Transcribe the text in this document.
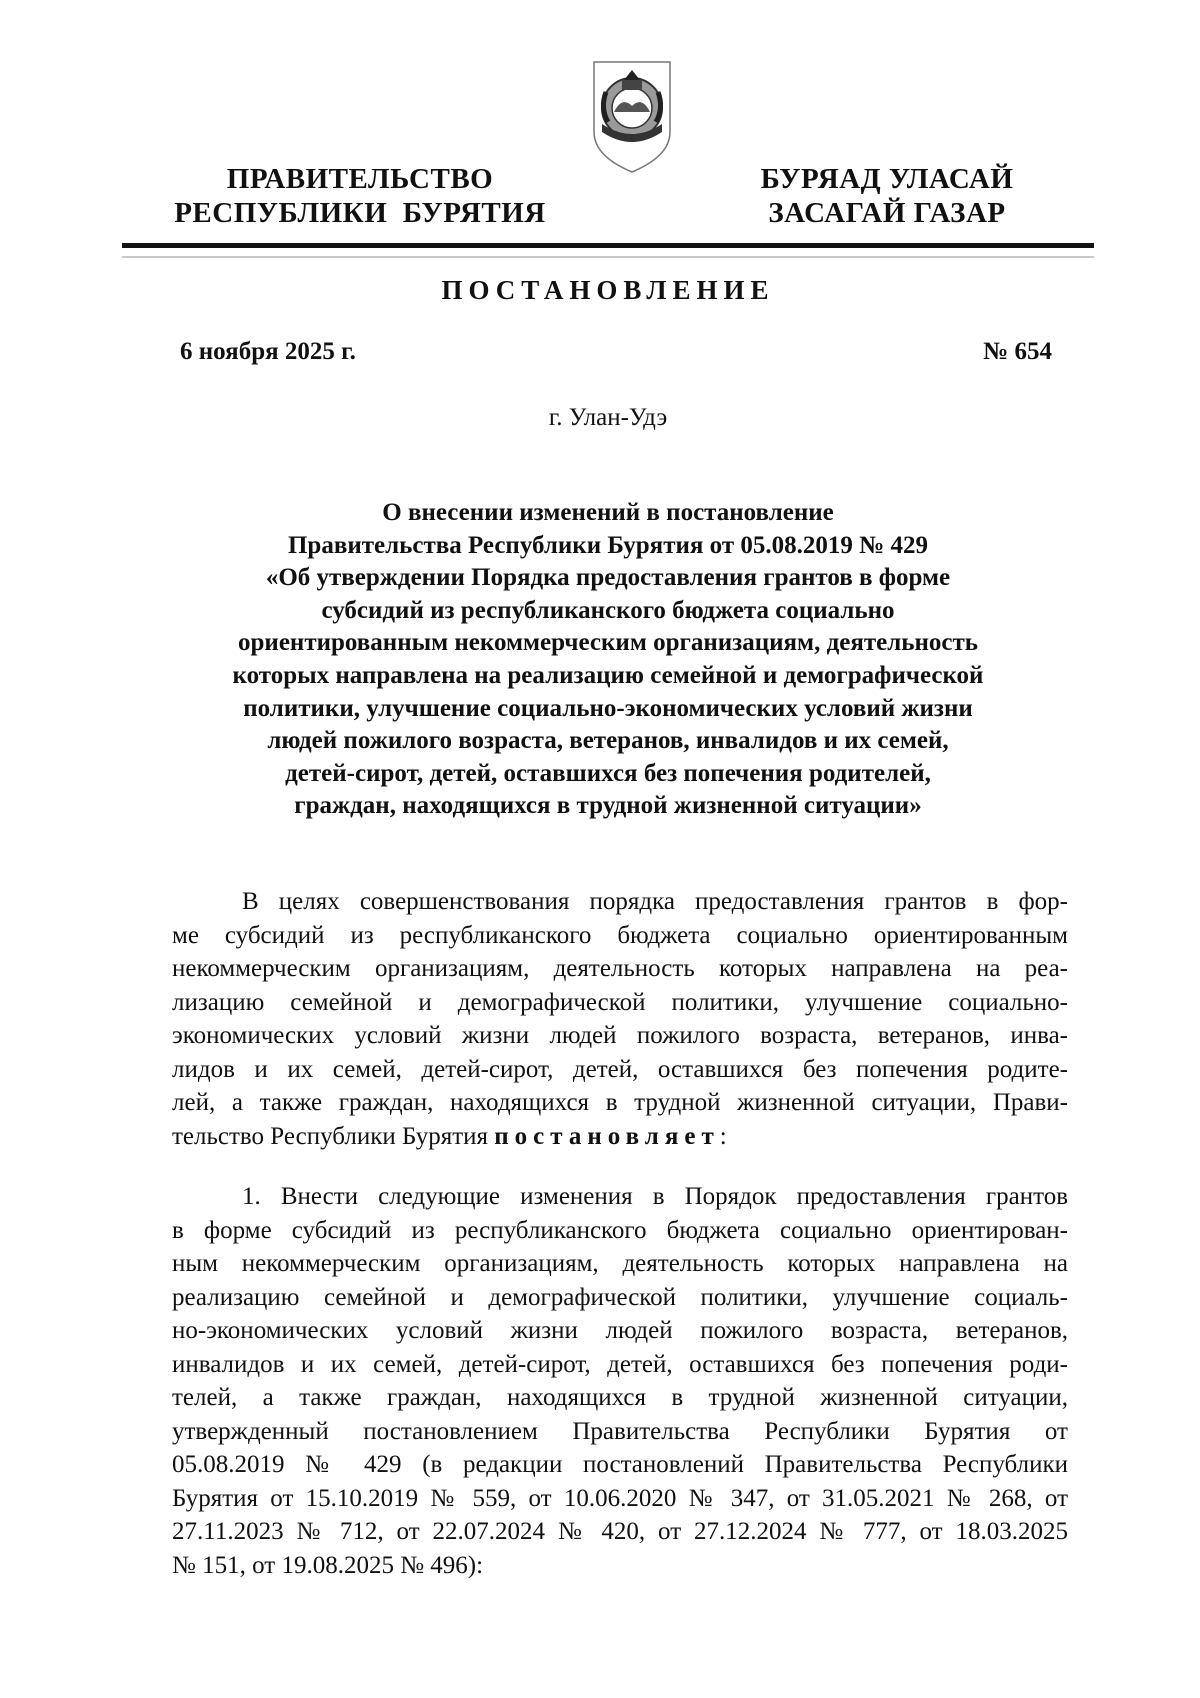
ПРАВИТЕЛЬСТВО
РЕСПУБЛИКИ  БУРЯТИЯ
БУРЯАД УЛАСАЙ
ЗАСАГАЙ ГАЗАР
ПОСТАНОВЛЕНИЕ
6 ноября 2025 г.	№ 654
г. Улан-Удэ
О внесении изменений в постановление
Правительства Республики Бурятия от 05.08.2019 № 429
«Об утверждении Порядка предоставления грантов в форме
субсидий из республиканского бюджета социально
ориентированным некоммерческим организациям, деятельность
которых направлена на реализацию семейной и демографической
политики, улучшение социально-экономических условий жизни
людей пожилого возраста, ветеранов, инвалидов и их семей,
детей-сирот, детей, оставшихся без попечения родителей,
граждан, находящихся в трудной жизненной ситуации»
В целях совершенствования порядка предоставления грантов в фор-
ме субсидий из республиканского бюджета социально ориентированным
некоммерческим организациям, деятельность которых направлена на реа-
лизацию семейной и демографической политики, улучшение социально-
экономических условий жизни людей пожилого возраста, ветеранов, инва-
лидов и их семей, детей-сирот, детей, оставшихся без попечения родите-
лей, а также граждан, находящихся в трудной жизненной ситуации, Прави-
тельство Республики Бурятия постановляет:
1. Внести следующие изменения в Порядок предоставления грантов
в форме субсидий из республиканского бюджета социально ориентирован-
ным некоммерческим организациям, деятельность которых направлена на
реализацию семейной и демографической политики, улучшение социаль-
но-экономических условий жизни людей пожилого возраста, ветеранов,
инвалидов и их семей, детей-сирот, детей, оставшихся без попечения роди-
телей, а также граждан, находящихся в трудной жизненной ситуации,
утвержденный постановлением Правительства Республики Бурятия от
05.08.2019 № 429 (в редакции постановлений Правительства Республики
Бурятия от 15.10.2019 № 559, от 10.06.2020 № 347, от 31.05.2021 № 268, от
27.11.2023 № 712, от 22.07.2024 № 420, от 27.12.2024 № 777, от 18.03.2025
№ 151, от 19.08.2025 № 496):
